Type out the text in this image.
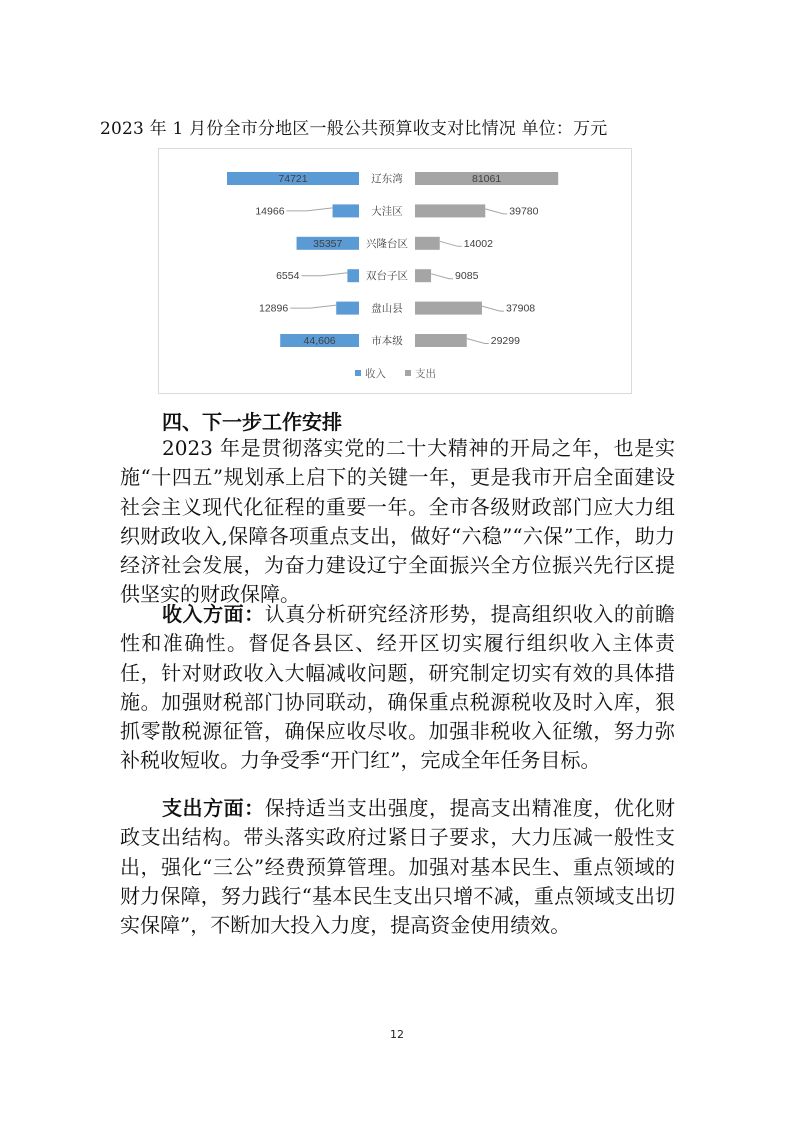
2023 年 1 月份全市分地区一般公共预算收支对比情况 单位：万元
辽东湾
74721	81061
大洼区
14966	39780
兴隆台区
35357	14002
双台子区
6554	9085
盘山县
12896	37908
市本级
44,606	29299
收入	支出
四、下一步工作安排

2023 年是贯彻落实党的二十大精神的开局之年，也是实施“十四五”规划承上启下的关键一年，更是我市开启全面建设社会主义现代化征程的重要一年。全市各级财政部门应大力组织财政收入,保障各项重点支出，做好“六稳”“六保”工作，助力经济社会发展，为奋力建设辽宁全面振兴全方位振兴先行区提供坚实的财政保障。

收入方面：认真分析研究经济形势，提高组织收入的前瞻性和准确性。督促各县区、经开区切实履行组织收入主体责任，针对财政收入大幅减收问题，研究制定切实有效的具体措施。加强财税部门协同联动，确保重点税源税收及时入库，狠抓零散税源征管，确保应收尽收。加强非税收入征缴，努力弥补税收短收。力争受季“开门红”，完成全年任务目标。

支出方面：保持适当支出强度，提高支出精准度，优化财政支出结构。带头落实政府过紧日子要求，大力压减一般性支出，强化“三公”经费预算管理。加强对基本民生、重点领域的财力保障，努力践行“基本民生支出只增不减，重点领域支出切实保障”，不断加大投入力度，提高资金使用绩效。

12
